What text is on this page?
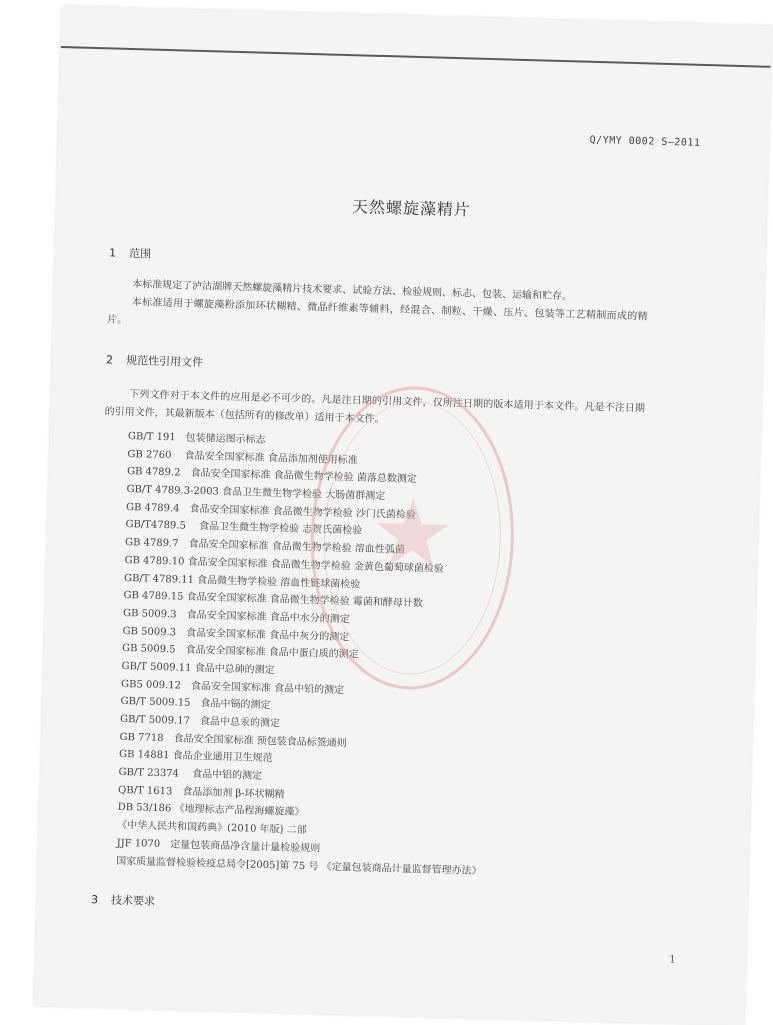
Q/YMY 0002 S—2011
天然螺旋藻精片
1 范围
本标准规定了泸沽湖牌天然螺旋藻精片技术要求、试验方法、检验规则、标志、包装、运输和贮存。
本标准适用于螺旋藻粉添加环状糊精、微晶纤维素等辅料，经混合、制粒、干燥、压片、包装等工艺精制而成的精片。
2 规范性引用文件
下列文件对于本文件的应用是必不可少的。凡是注日期的引用文件，仅所注日期的版本适用于本文件。凡是不注日期的引用文件，其最新版本（包括所有的修改单）适用于本文件。
GB/T 191　包装储运图示标志
GB 2760　 食品安全国家标准 食品添加剂使用标准
GB 4789.2　食品安全国家标准 食品微生物学检验 菌落总数测定
GB/T 4789.3-2003 食品卫生微生物学检验 大肠菌群测定
GB 4789.4　食品安全国家标准 食品微生物学检验 沙门氏菌检验
GB/T4789.5　 食品卫生微生物学检验 志贺氏菌检验
GB 4789.7　食品安全国家标准 食品微生物学检验 溶血性弧菌
GB 4789.10 食品安全国家标准 食品微生物学检验 金黄色葡萄球菌检验
GB/T 4789.11 食品微生物学检验 溶血性链球菌检验
GB 4789.15 食品安全国家标准 食品微生物学检验 霉菌和酵母计数
GB 5009.3　食品安全国家标准 食品中水分的测定
GB 5009.3　食品安全国家标准 食品中灰分的测定
GB 5009.5　食品安全国家标准 食品中蛋白质的测定
GB/T 5009.11 食品中总砷的测定
GB5 009.12　食品安全国家标准 食品中铅的测定
GB/T 5009.15　食品中镉的测定
GB/T 5009.17　食品中总汞的测定
GB 7718　食品安全国家标准 预包装食品标签通则
GB 14881 食品企业通用卫生规范
GB/T 23374　 食品中铝的测定
QB/T 1613　食品添加剂 β-环状糊精
DB 53/186 《地理标志产品程海螺旋藻》
《中华人民共和国药典》(2010 年版) 二部
JJF 1070　定量包装商品净含量计量检验规则
国家质量监督检验检疫总局令[2005]第 75 号 《定量包装商品计量监督管理办法》
3 技术要求
1
